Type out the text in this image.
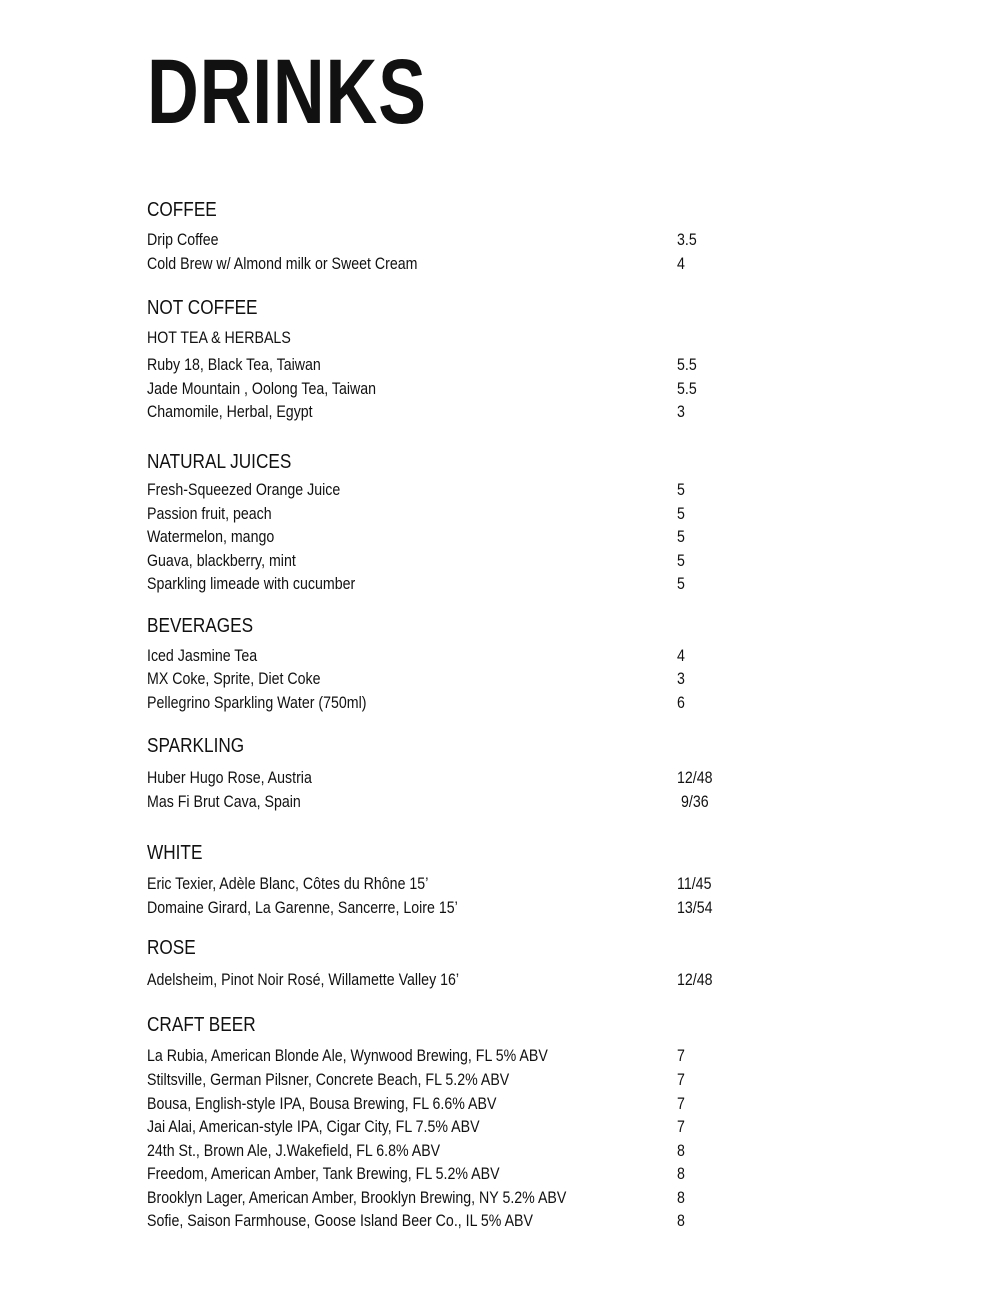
DRINKS
COFFEE
Drip Coffee	3.5
Cold Brew w/ Almond milk or Sweet Cream	4
NOT COFFEE
HOT TEA & HERBALS
Ruby 18, Black Tea, Taiwan	5.5
Jade Mountain , Oolong Tea, Taiwan	5.5
Chamomile, Herbal, Egypt	3
NATURAL JUICES
Fresh-Squeezed Orange Juice	5
Passion fruit, peach	5
Watermelon, mango	5
Guava, blackberry, mint	5
Sparkling limeade with cucumber	5
BEVERAGES
Iced Jasmine Tea	4
MX Coke, Sprite, Diet Coke	3
Pellegrino Sparkling Water (750ml)	6
SPARKLING
Huber Hugo Rose, Austria	12/48
Mas Fi Brut Cava, Spain	9/36
WHITE
Eric Texier, Adèle Blanc, Côtes du Rhône 15’	11/45
Domaine Girard, La Garenne, Sancerre, Loire 15’	13/54
ROSE
Adelsheim, Pinot Noir Rosé, Willamette Valley 16’	12/48
CRAFT BEER
La Rubia, American Blonde Ale, Wynwood Brewing, FL 5% ABV	7
Stiltsville, German Pilsner, Concrete Beach, FL 5.2% ABV	7
Bousa, English-style IPA, Bousa Brewing, FL 6.6% ABV	7
Jai Alai, American-style IPA, Cigar City, FL 7.5% ABV	7
24th St., Brown Ale, J.Wakefield, FL 6.8% ABV	8
Freedom, American Amber, Tank Brewing, FL 5.2% ABV	8
Brooklyn Lager, American Amber, Brooklyn Brewing, NY 5.2% ABV	8
Sofie, Saison Farmhouse, Goose Island Beer Co., IL 5% ABV	8
